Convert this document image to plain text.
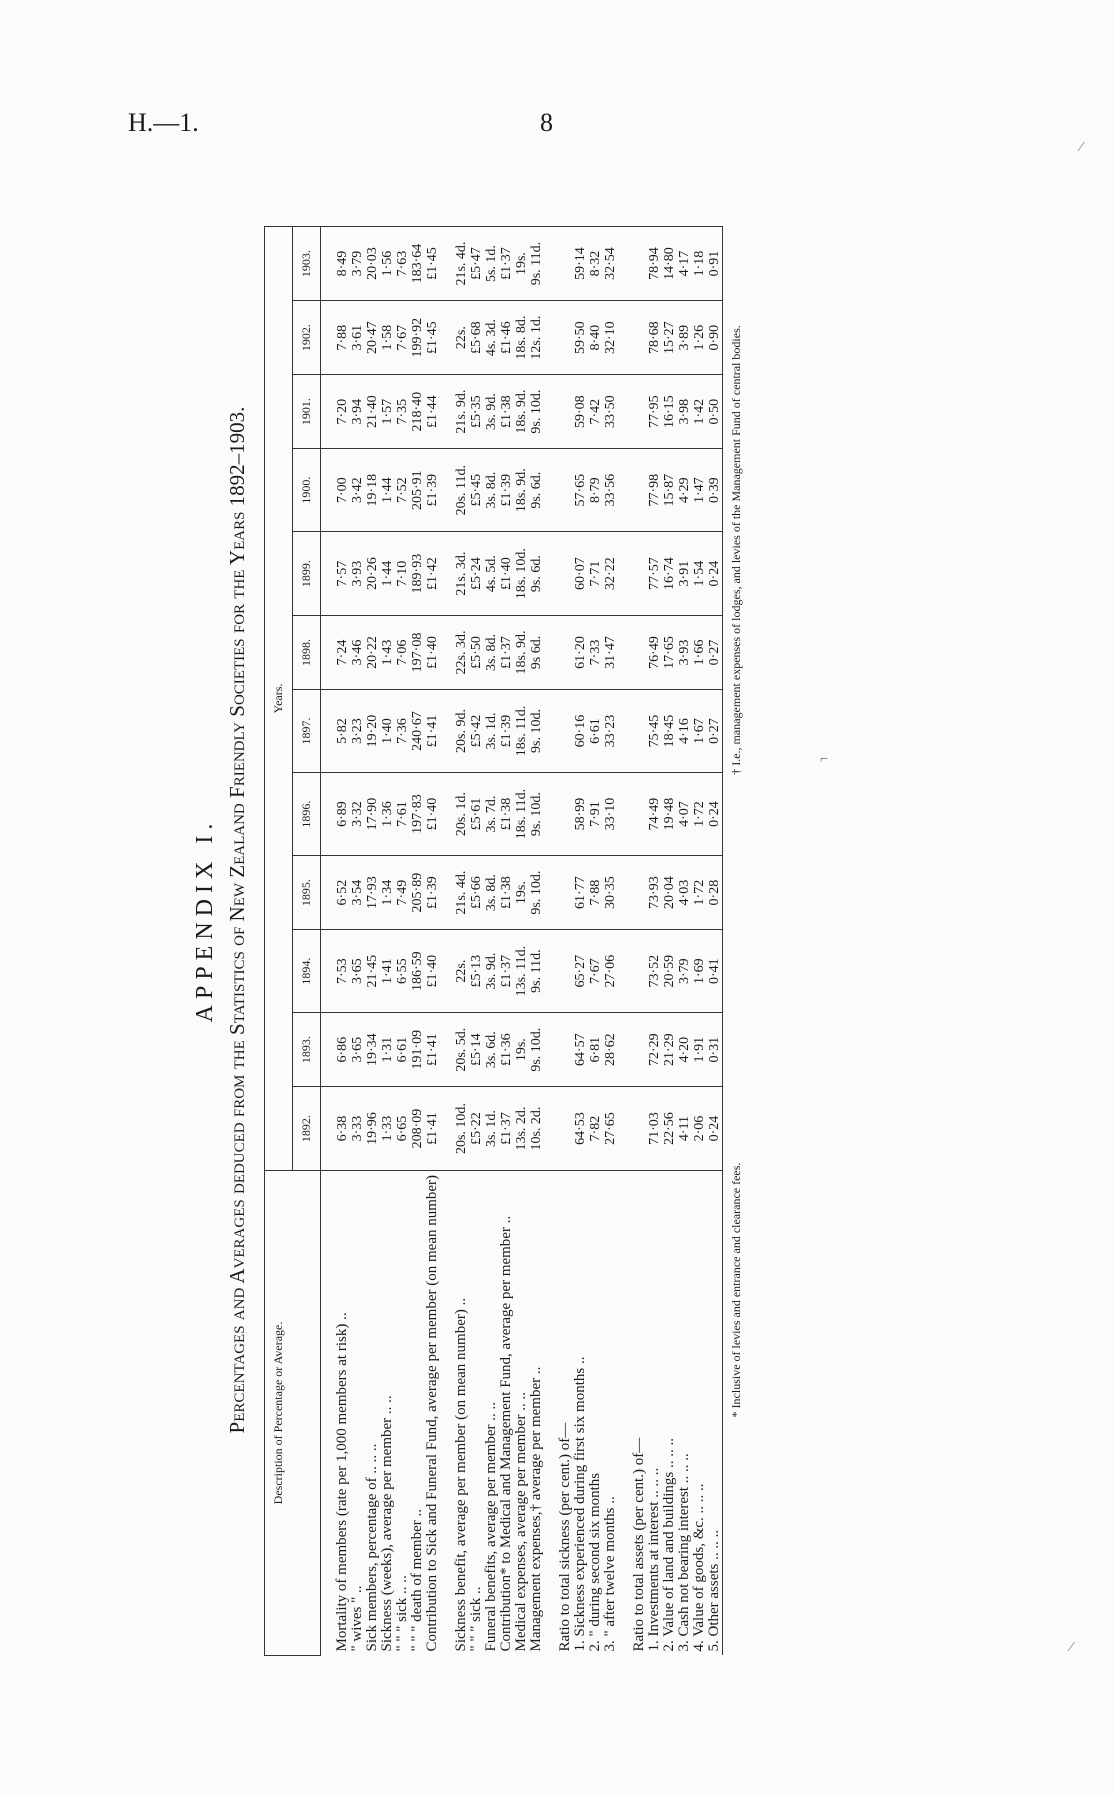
H.—1.	8
APPENDIX I. Percentages and Averages deduced from the Statistics of New Zealand Friendly Societies for the Years 1892–1903. Description of Percentage or Average.	Years.											
	1892.	1893.	1894.	1895.	1896.	1897.	1898.	1899.	1900.	1901.	1902.	1903.

Mortality of members (rate per 1,000 members at risk) ..	6·38	6·86	7·53	6·52	6·89	5·82	7·24	7·57	7·00	7·20	7·88	8·49
" wives " ..	3·33	3·65	3·65	3·54	3·32	3·23	3·46	3·93	3·42	3·94	3·61	3·79
Sick members, percentage of .. .. ..	19·96	19·34	21·45	17·93	17·90	19·20	20·22	20·26	19·18	21·40	20·47	20·03
Sickness (weeks), average per member .. ..	1·33	1·31	1·41	1·34	1·36	1·40	1·43	1·44	1·44	1·57	1·58	1·56
" " " sick .. ..	6·65	6·61	6·55	7·49	7·61	7·36	7·06	7·10	7·52	7·35	7·67	7·63
" " " death of member ..	208·09	191·09	186·59	205·89	197·83	240·67	197·08	189·93	205·91	218·40	199·92	183·64
Contribution to Sick and Funeral Fund, average per member (on mean number)	£1·41	£1·41	£1·40	£1·39	£1·40	£1·41	£1·40	£1·42	£1·39	£1·44	£1·45	£1·45

Sickness benefit, average per member (on mean number) ..	20s. 10d.	20s. 5d.	22s.	21s. 4d.	20s. 1d.	20s. 9d.	22s. 3d.	21s. 3d.	20s. 11d.	21s. 9d.	22s.	21s. 4d.
" " " sick ..	£5·22	£5·14	£5·13	£5·66	£5·61	£5·42	£5·50	£5·24	£5·45	£5·35	£5·68	£5·47
Funeral benefits, average per member .. ..	3s. 1d.	3s. 6d.	3s. 9d.	3s. 8d.	3s. 7d.	3s. 1d.	3s. 8d.	4s. 5d.	3s. 8d.	3s. 9d.	4s. 3d.	5s. 1d.
Contribution* to Medical and Management Fund, average per member ..	£1·37	£1·36	£1·37	£1·38	£1·38	£1·39	£1·37	£1·40	£1·39	£1·38	£1·46	£1·37
Medical expenses, average per member .. ..	13s. 2d.	19s.	13s. 11d.	19s.	18s. 11d.	18s. 11d.	18s. 9d.	18s. 10d.	18s. 9d.	18s. 9d.	18s. 8d.	19s.
Management expenses,† average per member ..	10s. 2d.	9s. 10d.	9s. 11d.	9s. 10d.	9s. 10d.	9s. 10d.	9s 6d.	9s. 6d.	9s. 6d.	9s. 10d.	12s. 1d.	9s. 11d.

Ratio to total sickness (per cent.) of—												
1. Sickness experienced during first six months ..	64·53	64·57	65·27	61·77	58·99	60·16	61·20	60·07	57·65	59·08	59·50	59·14
2. " during second six months	7·82	6·81	7·67	7·88	7·91	6·61	7·33	7·71	8·79	7·42	8·40	8·32
3. " after twelve months ..	27·65	28·62	27·06	30·35	33·10	33·23	31·47	32·22	33·56	33·50	32·10	32·54

Ratio to total assets (per cent.) of—												
1. Investments at interest .. .. ..	71·03	72·29	73·52	73·93	74·49	75·45	76·49	77·57	77·98	77·95	78·68	78·94
2. Value of land and buildings .. .. ..	22·56	21·29	20·59	20·04	19·48	18·45	17·65	16·74	15·87	16·15	15·27	14·80
3. Cash not bearing interest .. .. ..	4·11	4·20	3·79	4·03	4·07	4·16	3·93	3·91	4·29	3·98	3·89	4·17
4. Value of goods, &c. .. .. ..	2·06	1·91	1·69	1·72	1·72	1·67	1·66	1·54	1·47	1·42	1·26	1·18
5. Other assets .. .. ..	0·24	0·31	0·41	0·28	0·24	0·27	0·27	0·24	0·39	0·50	0·90	0·91
* Inclusive of levies and entrance and clearance fees.
† I.e., management expenses of lodges, and levies of the Management Fund of central bodies.	⌐
∕
⁄
